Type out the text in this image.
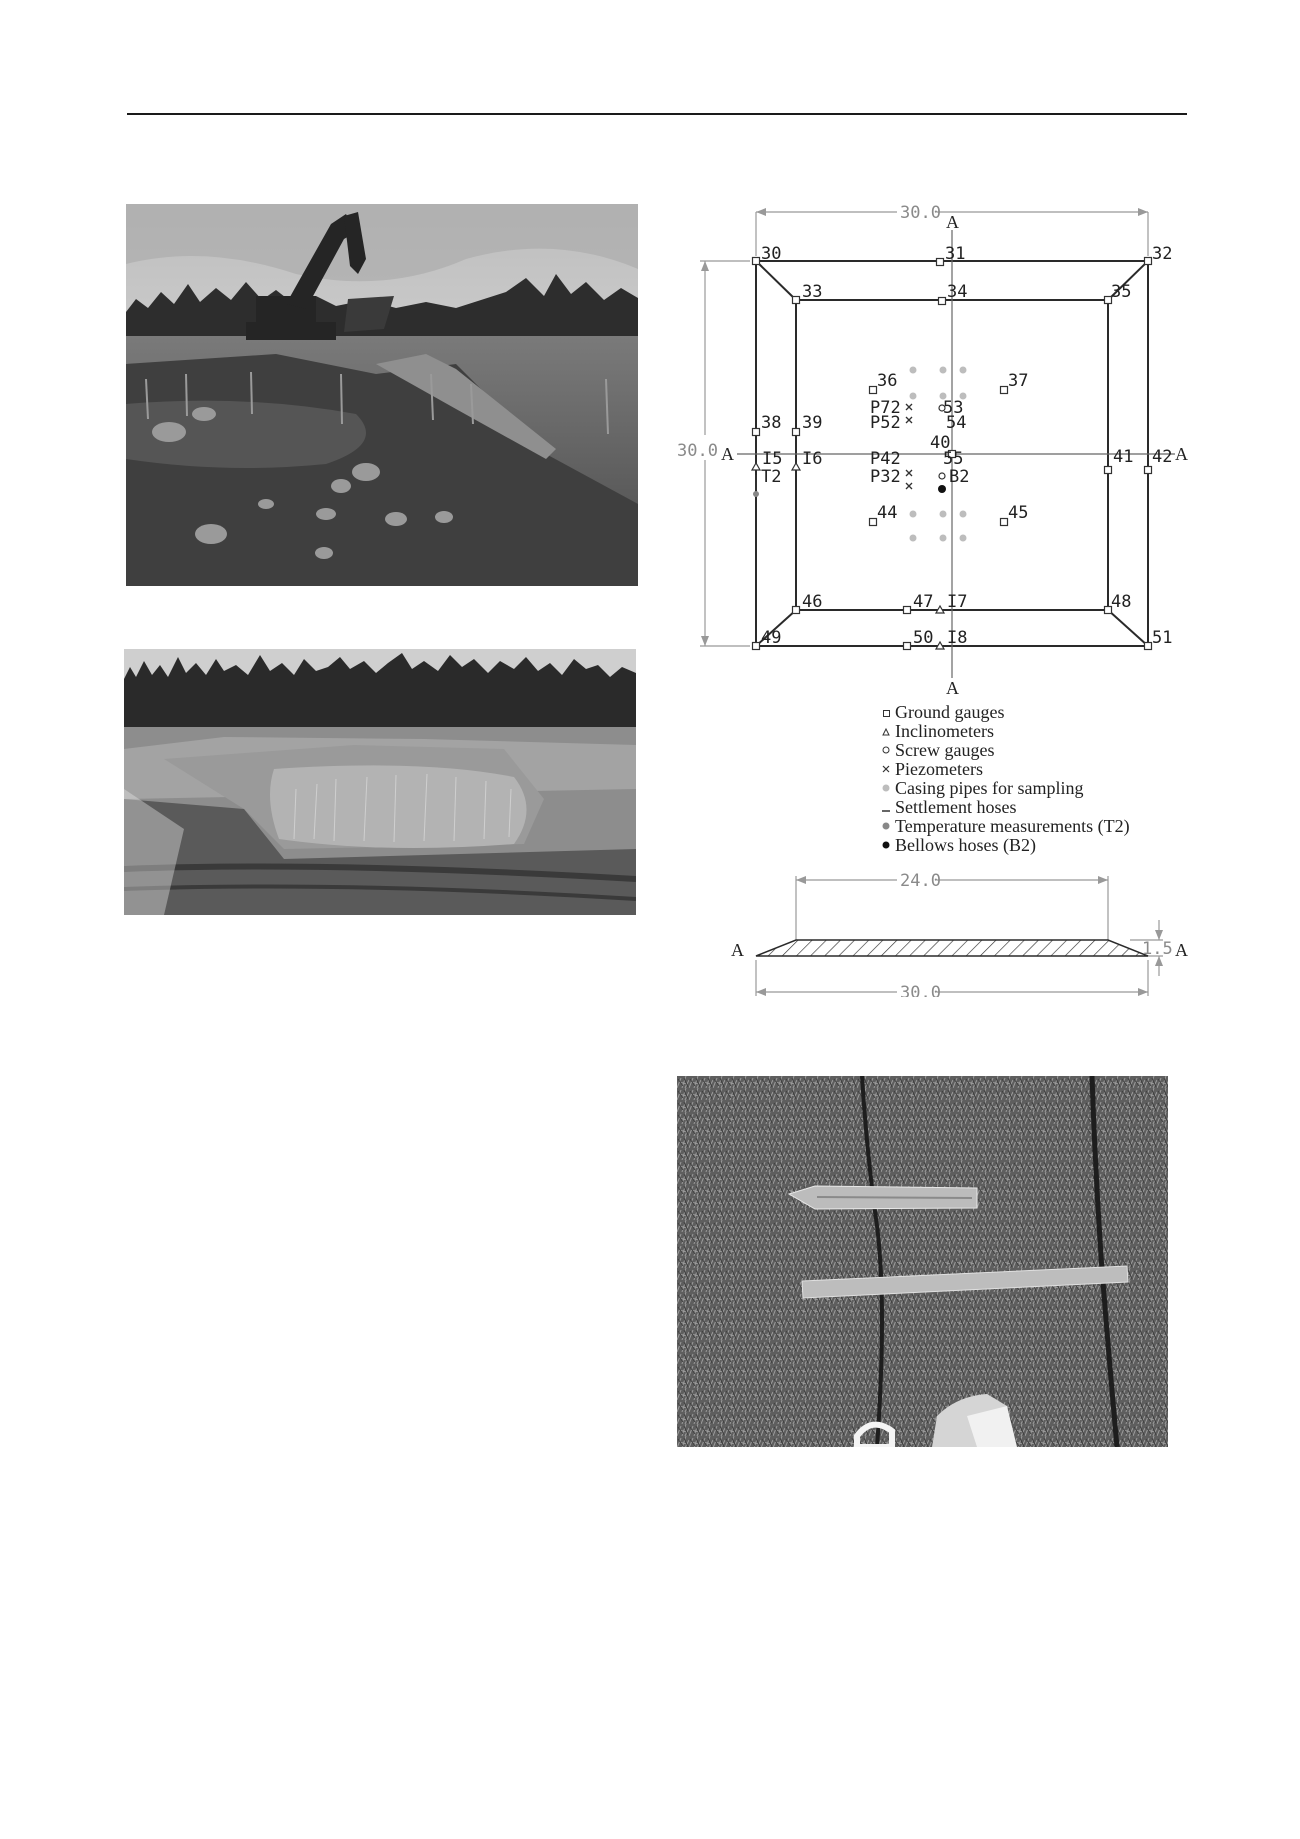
30.0
30.0
A
A
A	A
30	31	32
33	34	35
36	37
38 39
40
41 42
44	45
46	47	48
49	50	51
53
54
55
I5 I6
I7
I8
T2
P72
P52
P42
P32	B2
Ground gauges
Inclinometers
Screw gauges
Piezometers
Casing pipes for sampling
Settlement hoses
Temperature measurements (T2)
Bellows hoses (B2)
24.0
30.0
1.5
A	A
